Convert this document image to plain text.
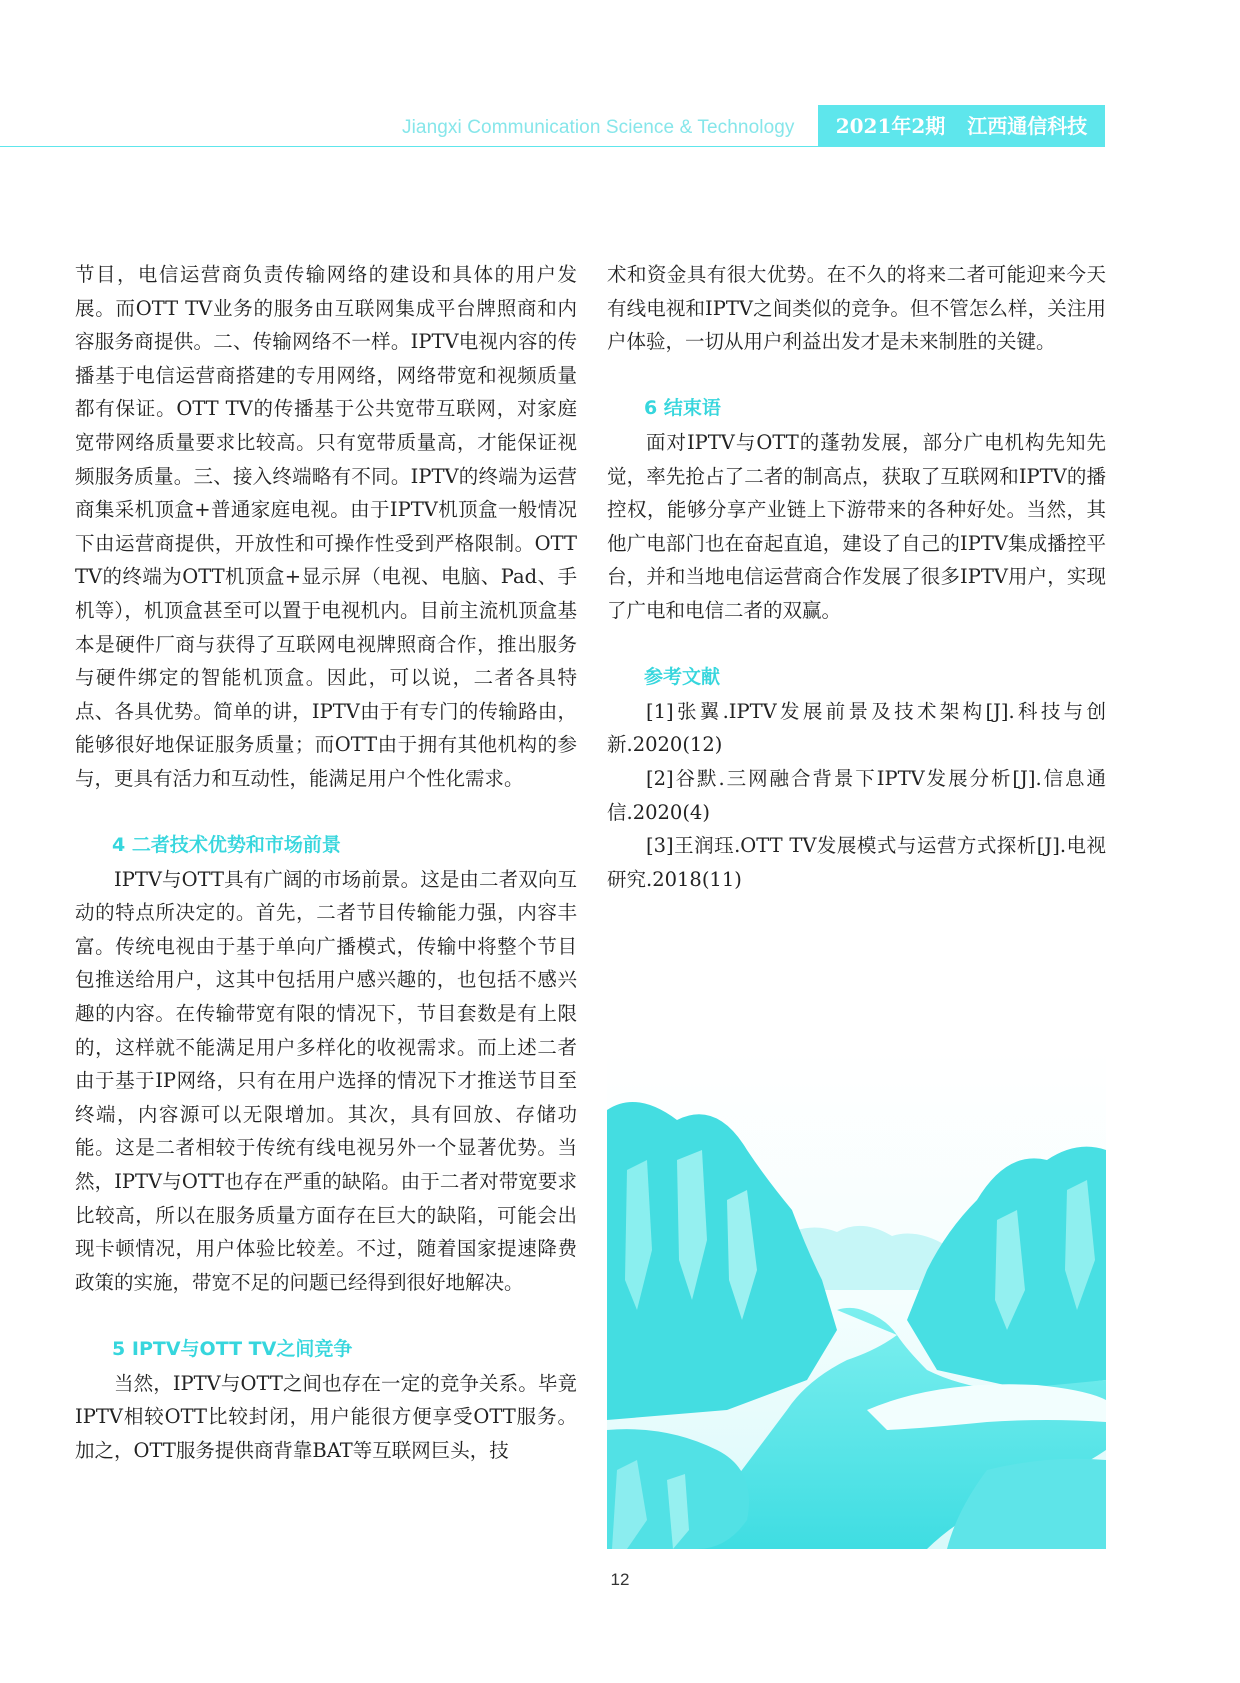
Jiangxi Communication Science & Technology	2021年2期 江西通信科技

节目，电信运营商负责传输网络的建设和具体的用户发展。而OTT TV业务的服务由互联网集成平台牌照商和内容服务商提供。二、传输网络不一样。IPTV电视内容的传播基于电信运营商搭建的专用网络，网络带宽和视频质量都有保证。OTT TV的传播基于公共宽带互联网，对家庭宽带网络质量要求比较高。只有宽带质量高，才能保证视频服务质量。三、接入终端略有不同。IPTV的终端为运营商集采机顶盒+普通家庭电视。由于IPTV机顶盒一般情况下由运营商提供，开放性和可操作性受到严格限制。OTT TV的终端为OTT机顶盒+显示屏（电视、电脑、Pad、手机等），机顶盒甚至可以置于电视机内。目前主流机顶盒基本是硬件厂商与获得了互联网电视牌照商合作，推出服务与硬件绑定的智能机顶盒。因此，可以说，二者各具特点、各具优势。简单的讲，IPTV由于有专门的传输路由，能够很好地保证服务质量；而OTT由于拥有其他机构的参与，更具有活力和互动性，能满足用户个性化需求。

4 二者技术优势和市场前景

IPTV与OTT具有广阔的市场前景。这是由二者双向互动的特点所决定的。首先，二者节目传输能力强，内容丰富。传统电视由于基于单向广播模式，传输中将整个节目包推送给用户，这其中包括用户感兴趣的，也包括不感兴趣的内容。在传输带宽有限的情况下，节目套数是有上限的，这样就不能满足用户多样化的收视需求。而上述二者由于基于IP网络，只有在用户选择的情况下才推送节目至终端，内容源可以无限增加。其次，具有回放、存储功能。这是二者相较于传统有线电视另外一个显著优势。当然，IPTV与OTT也存在严重的缺陷。由于二者对带宽要求比较高，所以在服务质量方面存在巨大的缺陷，可能会出现卡顿情况，用户体验比较差。不过，随着国家提速降费政策的实施，带宽不足的问题已经得到很好地解决。

5 IPTV与OTT TV之间竞争

当然，IPTV与OTT之间也存在一定的竞争关系。毕竟IPTV相较OTT比较封闭，用户能很方便享受OTT服务。加之，OTT服务提供商背靠BAT等互联网巨头，技

术和资金具有很大优势。在不久的将来二者可能迎来今天有线电视和IPTV之间类似的竞争。但不管怎么样，关注用户体验，一切从用户利益出发才是未来制胜的关键。

6 结束语

面对IPTV与OTT的蓬勃发展，部分广电机构先知先觉，率先抢占了二者的制高点，获取了互联网和IPTV的播控权，能够分享产业链上下游带来的各种好处。当然，其他广电部门也在奋起直追，建设了自己的IPTV集成播控平台，并和当地电信运营商合作发展了很多IPTV用户，实现了广电和电信二者的双赢。

参考文献

[1]张翼.IPTV发展前景及技术架构[J].科技与创新.2020(12)

[2]谷默.三网融合背景下IPTV发展分析[J].信息通信.2020(4)

[3]王润珏.OTT TV发展模式与运营方式探析[J].电视研究.2018(11)

12
